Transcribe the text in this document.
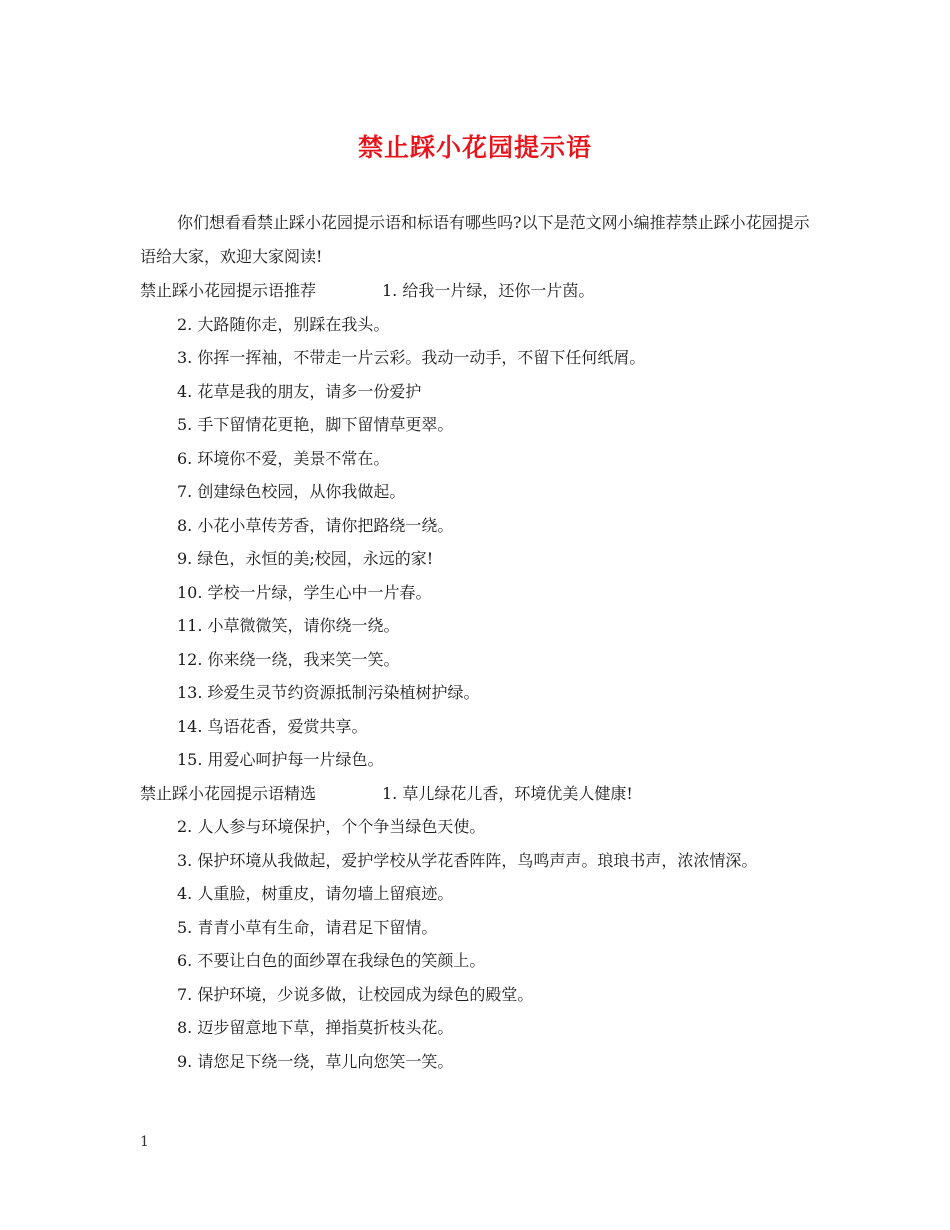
禁止踩小花园提示语

你们想看看禁止踩小花园提示语和标语有哪些吗?以下是范文网小编推荐禁止踩小花园提示语给大家，欢迎大家阅读!

禁止踩小花园提示语推荐	1. 给我一片绿，还你一片茵。
2. 大路随你走，别踩在我头。
3. 你挥一挥袖，不带走一片云彩。我动一动手，不留下任何纸屑。
4. 花草是我的朋友，请多一份爱护
5. 手下留情花更艳，脚下留情草更翠。
6. 环境你不爱，美景不常在。
7. 创建绿色校园，从你我做起。
8. 小花小草传芳香，请你把路绕一绕。
9. 绿色，永恒的美;校园，永远的家!
10. 学校一片绿，学生心中一片春。
11. 小草微微笑，请你绕一绕。
12. 你来绕一绕，我来笑一笑。
13. 珍爱生灵节约资源抵制污染植树护绿。
14. 鸟语花香，爱赏共享。
15. 用爱心呵护每一片绿色。
禁止踩小花园提示语精选	1. 草儿绿花儿香，环境优美人健康!
2. 人人参与环境保护，个个争当绿色天使。

3. 保护环境从我做起，爱护学校从学花香阵阵，鸟鸣声声。琅琅书声，浓浓情深。

4. 人重脸，树重皮，请勿墙上留痕迹。
5. 青青小草有生命，请君足下留情。
6. 不要让白色的面纱罩在我绿色的笑颜上。
7. 保护环境，少说多做，让校园成为绿色的殿堂。
8. 迈步留意地下草，掸指莫折枝头花。
9. 请您足下绕一绕，草儿向您笑一笑。
1
